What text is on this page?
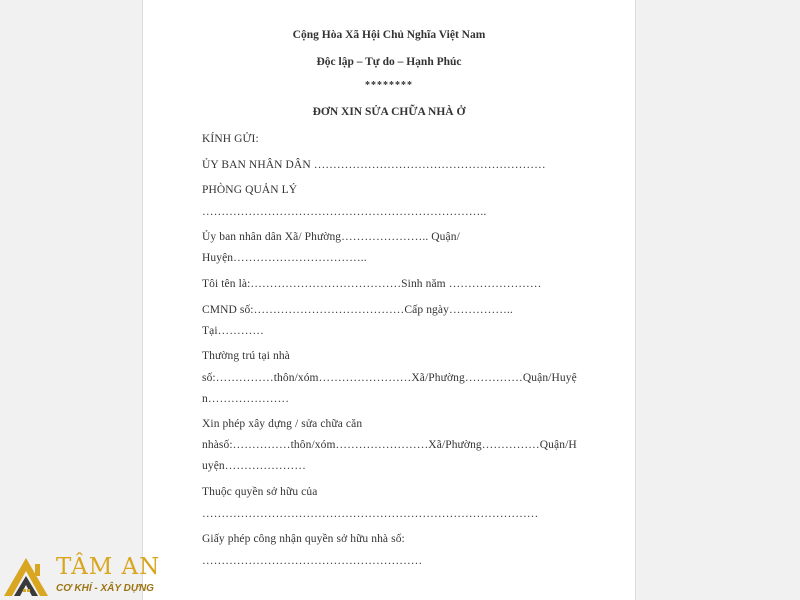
Cộng Hòa Xã Hội Chủ Nghĩa Việt Nam
Độc lập – Tự do – Hạnh Phúc
********
ĐƠN XIN SỬA CHỮA NHÀ Ở
KÍNH GỬI:
ỦY BAN NHÂN DÂN ……………………………………………………
PHÒNG QUẢN LÝ
………………………………………………………………..
Ủy ban nhân dân Xã/ Phường………………….. Quận/
Huyện……………………………..
Tôi tên là:…………………………………Sinh năm ……………………
CMND số:…………………………………Cấp ngày……………..
Tại…………
Thường trú tại nhà
số:……………thôn/xóm……………………Xã/Phường……………Quận/Huyệ
n…………………
Xin phép xây dựng / sửa chữa căn
nhàsố:……………thôn/xóm……………………Xã/Phường……………Quận/H
uyện…………………
Thuộc quyền sở hữu của
……………………………………………………………………………
Giấy phép công nhận quyền sở hữu nhà số:
…………………………………………………
TÂM AN
CƠ KHÍ - XÂY DỰNG
